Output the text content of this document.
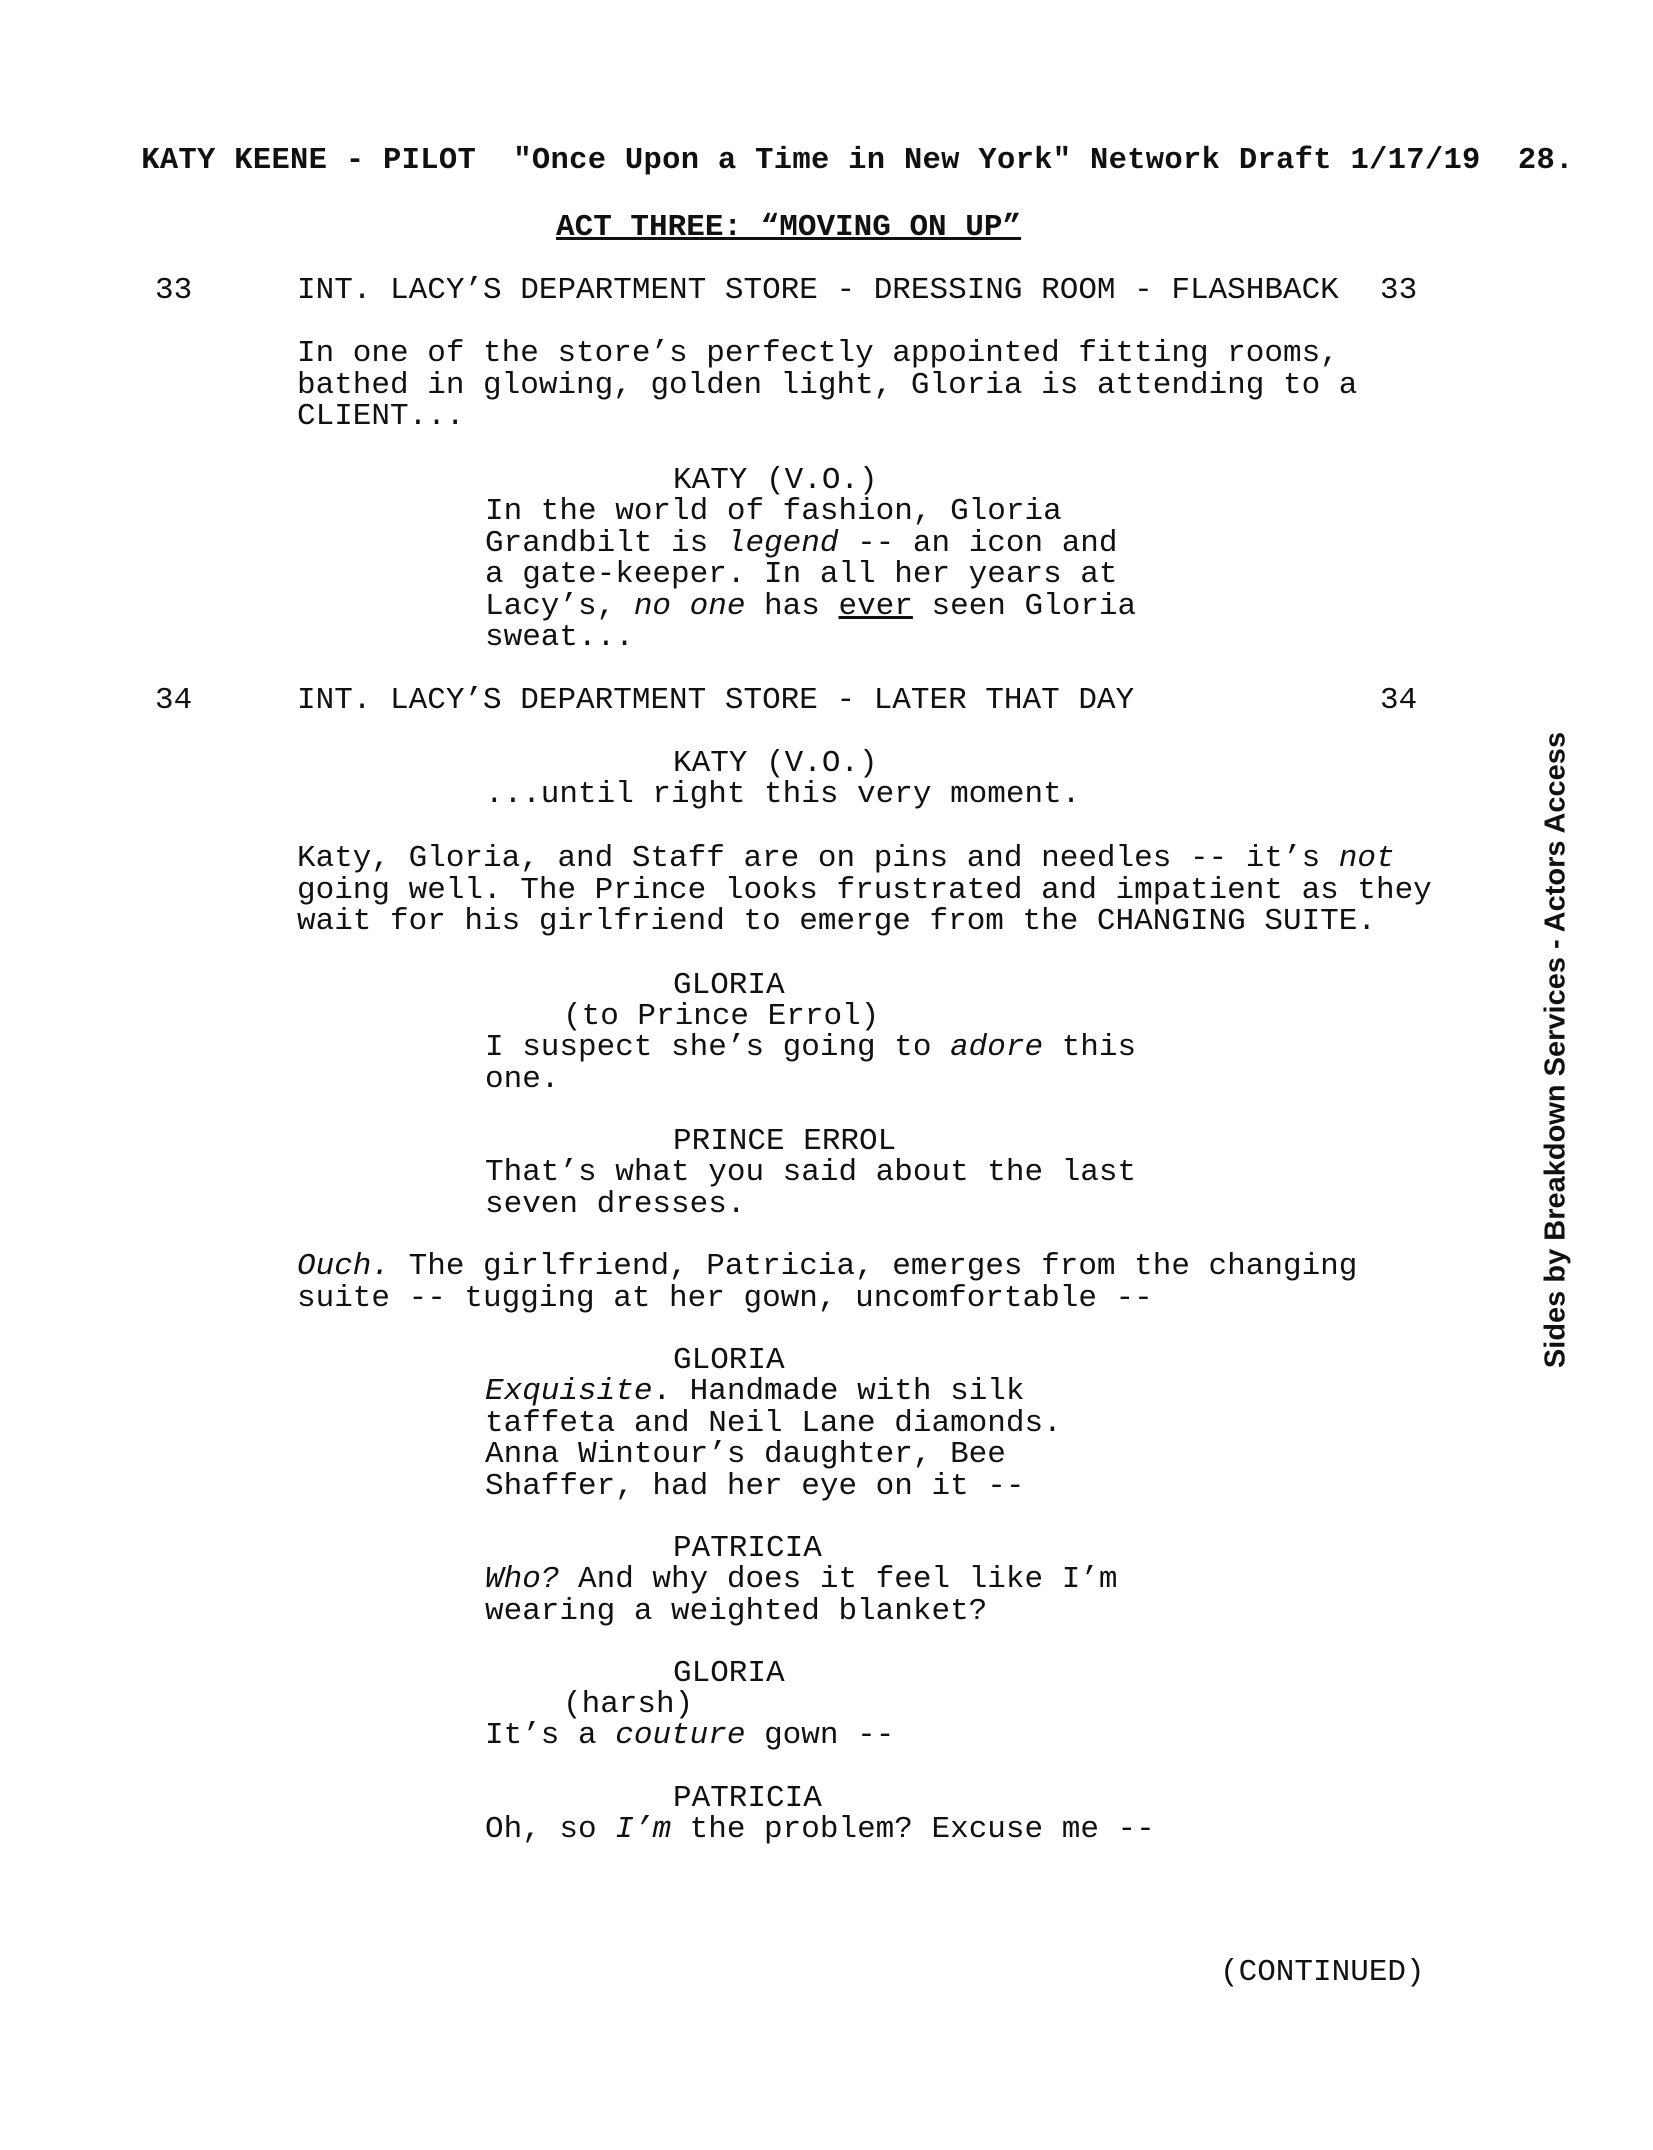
KATY KEENE - PILOT "Once Upon a Time in New York" Network Draft 1/17/19 28.

ACT THREE: “MOVING ON UP”
33	INT. LACY’S DEPARTMENT STORE - DRESSING ROOM - FLASHBACK 33
In one of the store’s perfectly appointed fitting rooms,
bathed in glowing, golden light, Gloria is attending to a
CLIENT...
KATY (V.O.)
In the world of fashion, Gloria
Grandbilt is legend -- an icon and
a gate-keeper. In all her years at
Lacy’s, no one has ever seen Gloria
sweat...
34	INT. LACY’S DEPARTMENT STORE - LATER THAT DAY	34
KATY (V.O.)
...until right this very moment.
Katy, Gloria, and Staff are on pins and needles -- it’s not
going well. The Prince looks frustrated and impatient as they
wait for his girlfriend to emerge from the CHANGING SUITE.
GLORIA
(to Prince Errol)
I suspect she’s going to adore this
one.
PRINCE ERROL
That’s what you said about the last
seven dresses.
Ouch. The girlfriend, Patricia, emerges from the changing
suite -- tugging at her gown, uncomfortable --
GLORIA
Exquisite. Handmade with silk
taffeta and Neil Lane diamonds.
Anna Wintour’s daughter, Bee
Shaffer, had her eye on it --
PATRICIA
Who? And why does it feel like I’m
wearing a weighted blanket?
GLORIA
(harsh)
It’s a couture gown --
PATRICIA
Oh, so I’m the problem? Excuse me --
(CONTINUED)
Sides by Breakdown Services - Actors Access
